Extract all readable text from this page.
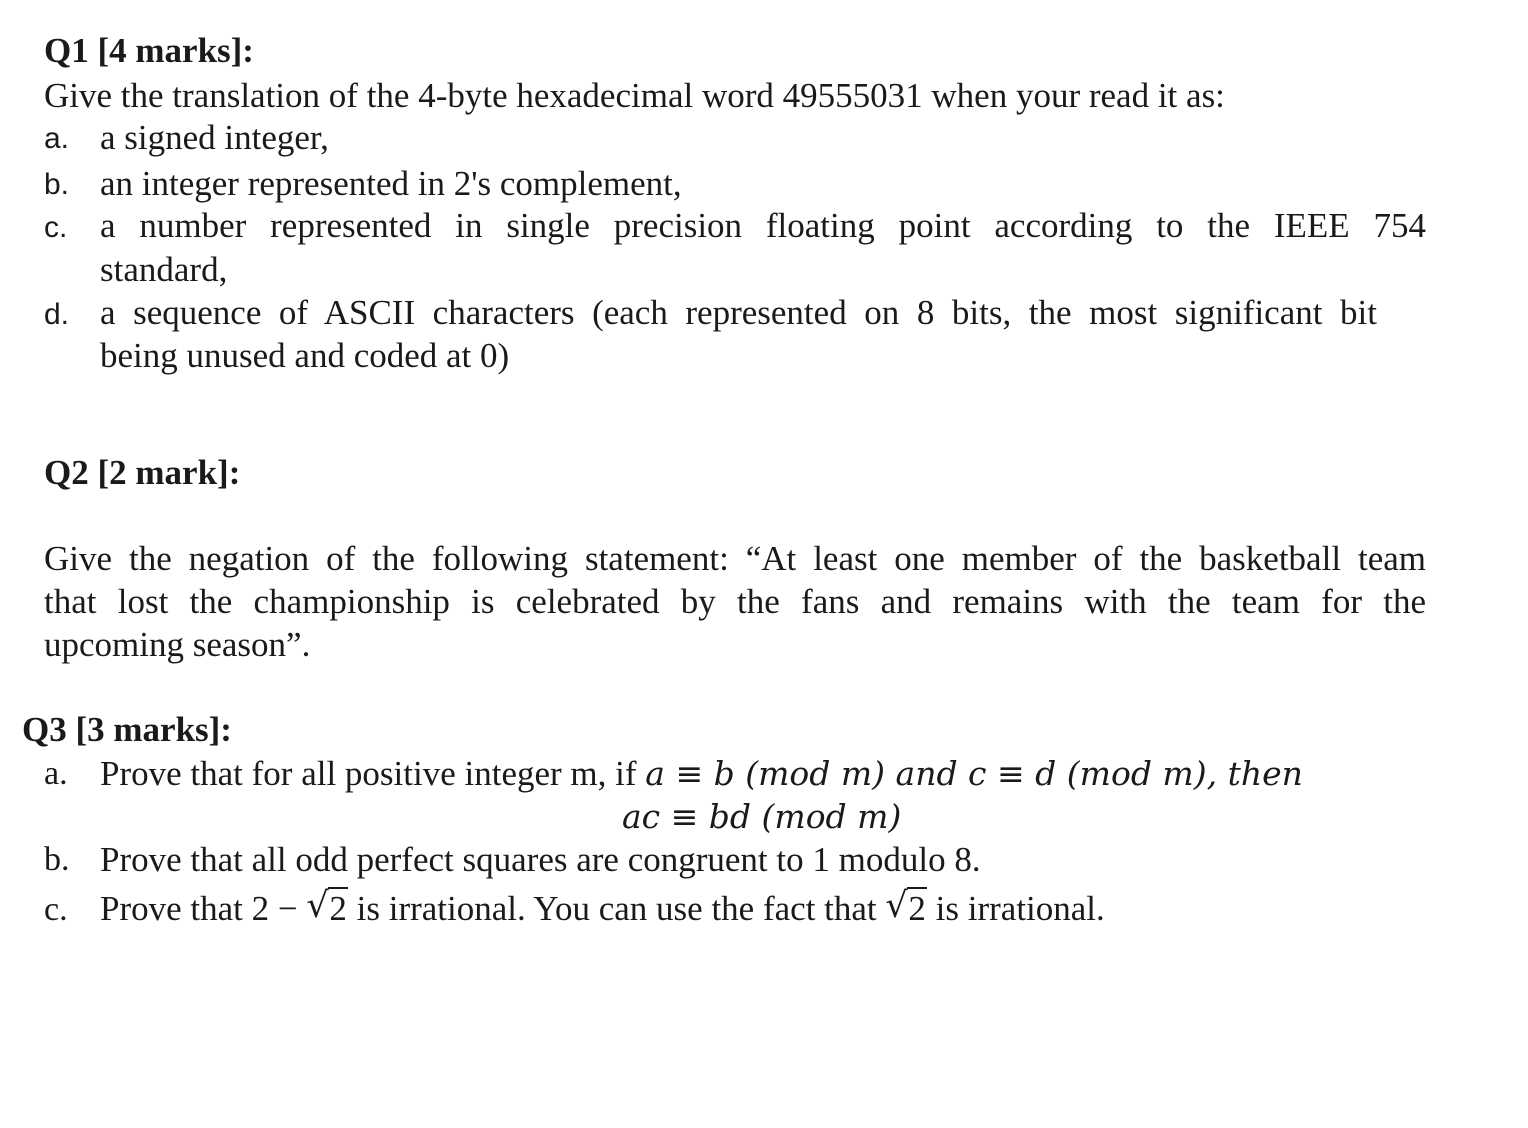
Q1 [4 marks]:
Give the translation of the 4-byte hexadecimal word 49555031 when your read it as:
a. a signed integer,
b. an integer represented in 2's complement,
c. a number represented in single precision floating point according to the IEEE 754
standard,
d. a sequence of ASCII characters (each represented on 8 bits, the most significant bit
being unused and coded at 0)
Q2 [2 mark]:
Give the negation of the following statement: “At least one member of the basketball team
that lost the championship is celebrated by the fans and remains with the team for the
upcoming season”.
Q3 [3 marks]:
a. Prove that for all positive integer m, if a ≡ b (mod m) and c ≡ d (mod m), then
ac ≡ bd (mod m)
b. Prove that all odd perfect squares are congruent to 1 modulo 8.
c. Prove that 2 − √ 2 is irrational. You can use the fact that √ 2 is irrational.
